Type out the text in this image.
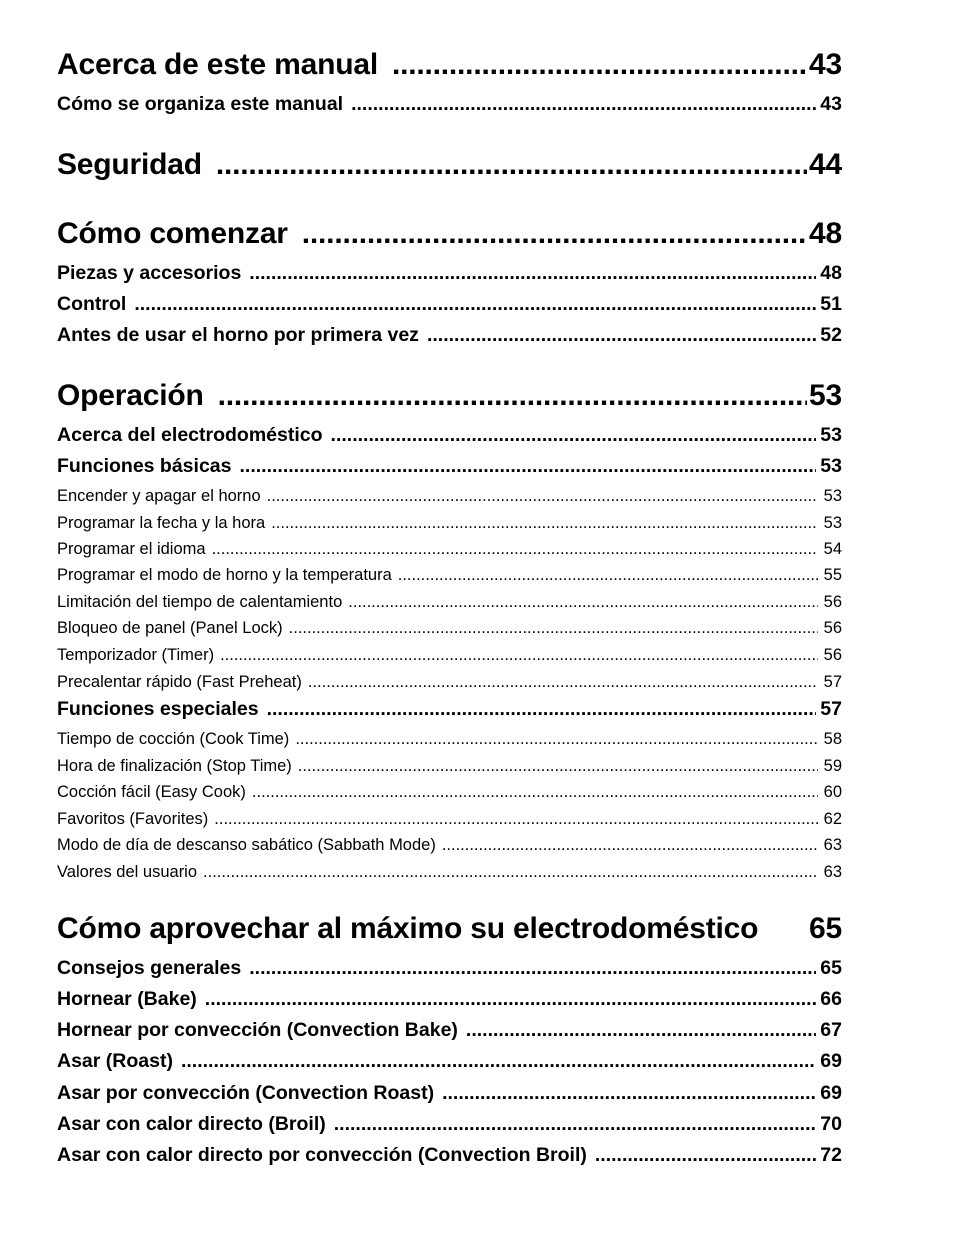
Acerca de este manual .....	43
Cómo se organiza este manual .....	43
Seguridad .....	44
Cómo comenzar .....	48
Piezas y accesorios .....	48
Control .....	51
Antes de usar el horno por primera vez .....	52
Operación .....	53
Acerca del electrodoméstico .....	53
Funciones básicas .....	53
Encender y apagar el horno .....	53
Programar la fecha y la hora .....	53
Programar el idioma .....	54
Programar el modo de horno y la temperatura .....	55
Limitación del tiempo de calentamiento .....	56
Bloqueo de panel (Panel Lock) .....	56
Temporizador (Timer) .....	56
Precalentar rápido (Fast Preheat) .....	57
Funciones especiales .....	57
Tiempo de cocción (Cook Time) .....	58
Hora de finalización (Stop Time) .....	59
Cocción fácil (Easy Cook) .....	60
Favoritos (Favorites) .....	62
Modo de día de descanso sabático (Sabbath Mode) .....	63
Valores del usuario .....	63
Cómo aprovechar al máximo su electrodoméstico 65
Consejos generales .....	65
Hornear (Bake) .....	66
Hornear por convección (Convection Bake) .....	67
Asar (Roast) .....	69
Asar por convección (Convection Roast) .....	69
Asar con calor directo (Broil) .....	70
Asar con calor directo por convección (Convection Broil) .....	72
